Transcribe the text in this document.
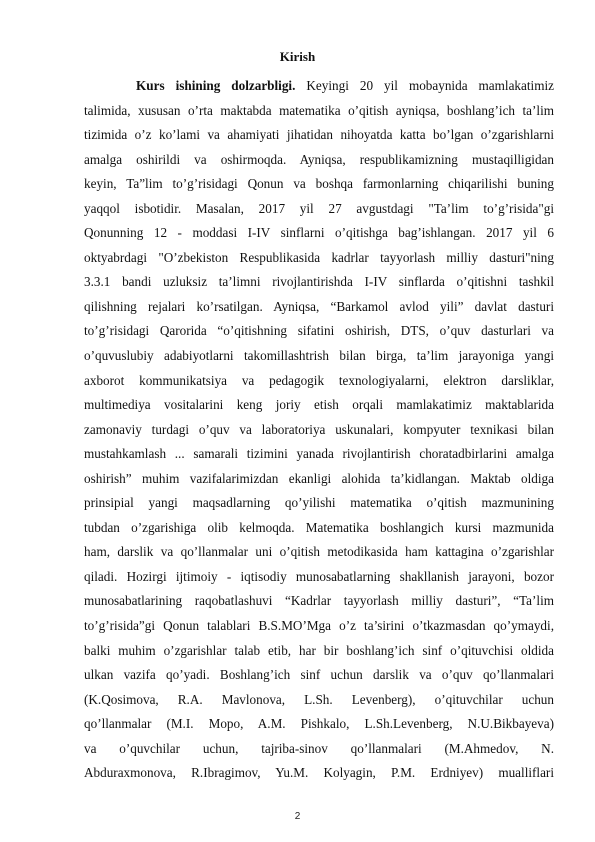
Kirish
Kurs ishining dolzarbligi. Keyingi 20 yil mobaynida mamlakatimiz
talimida, xususan o’rta maktabda matematika o’qitish ayniqsa, boshlang’ich ta’lim
tizimida o’z ko’lami va ahamiyati jihatidan nihoyatda katta bo’lgan o’zgarishlarni
amalga oshirildi va oshirmoqda. Ayniqsa, respublikamizning mustaqilligidan
keyin, Ta”lim to’g’risidagi Qonun va boshqa farmonlarning chiqarilishi buning
yaqqol isbotidir. Masalan, 2017 yil 27 avgustdagi "Ta’lim to’g’risida"gi
Qonunning 12 - moddasi I-IV sinflarni o’qitishga bag’ishlangan. 2017 yil 6
oktyabrdagi "O’zbekiston Respublikasida kadrlar tayyorlash milliy dasturi"ning
3.3.1 bandi uzluksiz ta’limni rivojlantirishda I-IV sinflarda o’qitishni tashkil
qilishning rejalari ko’rsatilgan. Ayniqsa, “Barkamol avlod yili” davlat dasturi
to’g’risidagi Qarorida “o’qitishning sifatini oshirish, DTS, o’quv dasturlari va
o’quvuslubiy adabiyotlarni takomillashtrish bilan birga, ta’lim jarayoniga yangi
axborot kommunikatsiya va pedagogik texnologiyalarni, elektron darsliklar,
multimediya vositalarini keng joriy etish orqali mamlakatimiz maktablarida
zamonaviy turdagi o’quv va laboratoriya uskunalari, kompyuter texnikasi bilan
mustahkamlash ... samarali tizimini yanada rivojlantirish choratadbirlarini amalga
oshirish” muhim vazifalarimizdan ekanligi alohida ta’kidlangan. Maktab oldiga
prinsipial yangi maqsadlarning qo’yilishi matematika o’qitish mazmunining
tubdan o’zgarishiga olib kelmoqda. Matematika boshlangich kursi mazmunida
ham, darslik va qo’llanmalar uni o’qitish metodikasida ham kattagina o’zgarishlar
qiladi. Hozirgi ijtimoiy - iqtisodiy munosabatlarning shakllanish jarayoni, bozor
munosabatlarining raqobatlashuvi “Kadrlar tayyorlash milliy dasturi”, “Ta’lim
to’g’risida”gi Qonun talablari B.S.MO’Mga o’z ta’sirini o’tkazmasdan qo’ymaydi,
balki muhim o’zgarishlar talab etib, har bir boshlang’ich sinf o’qituvchisi oldida
ulkan vazifa qo’yadi. Boshlang’ich sinf uchun darslik va o’quv qo’llanmalari
(K.Qosimova, R.A. Mavlonova, L.Sh. Levenberg), o’qituvchilar uchun
qo’llanmalar (M.I. Mopo, A.M. Pishkalo, L.Sh.Levenberg, N.U.Bikbayeva)
va o’quvchilar uchun, tajriba-sinov qo’llanmalari (M.Ahmedov, N.
Abduraxmonova, R.Ibragimov, Yu.M. Kolyagin, P.M. Erdniyev) mualliflari
2
